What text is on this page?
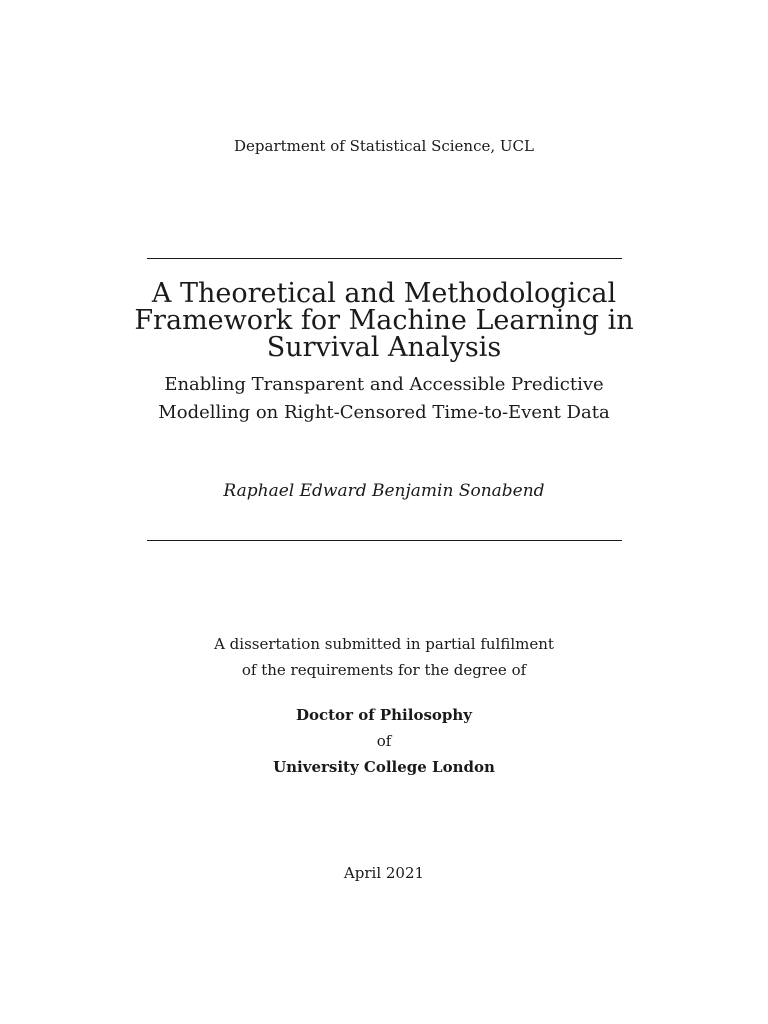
Department of Statistical Science, UCL

A Theoretical and Methodological
Framework for Machine Learning in
Survival Analysis
Enabling Transparent and Accessible Predictive
Modelling on Right-Censored Time-to-Event Data

Raphael Edward Benjamin Sonabend

A dissertation submitted in partial fulfilment
of the requirements for the degree of
Doctor of Philosophy
of
University College London

April 2021
